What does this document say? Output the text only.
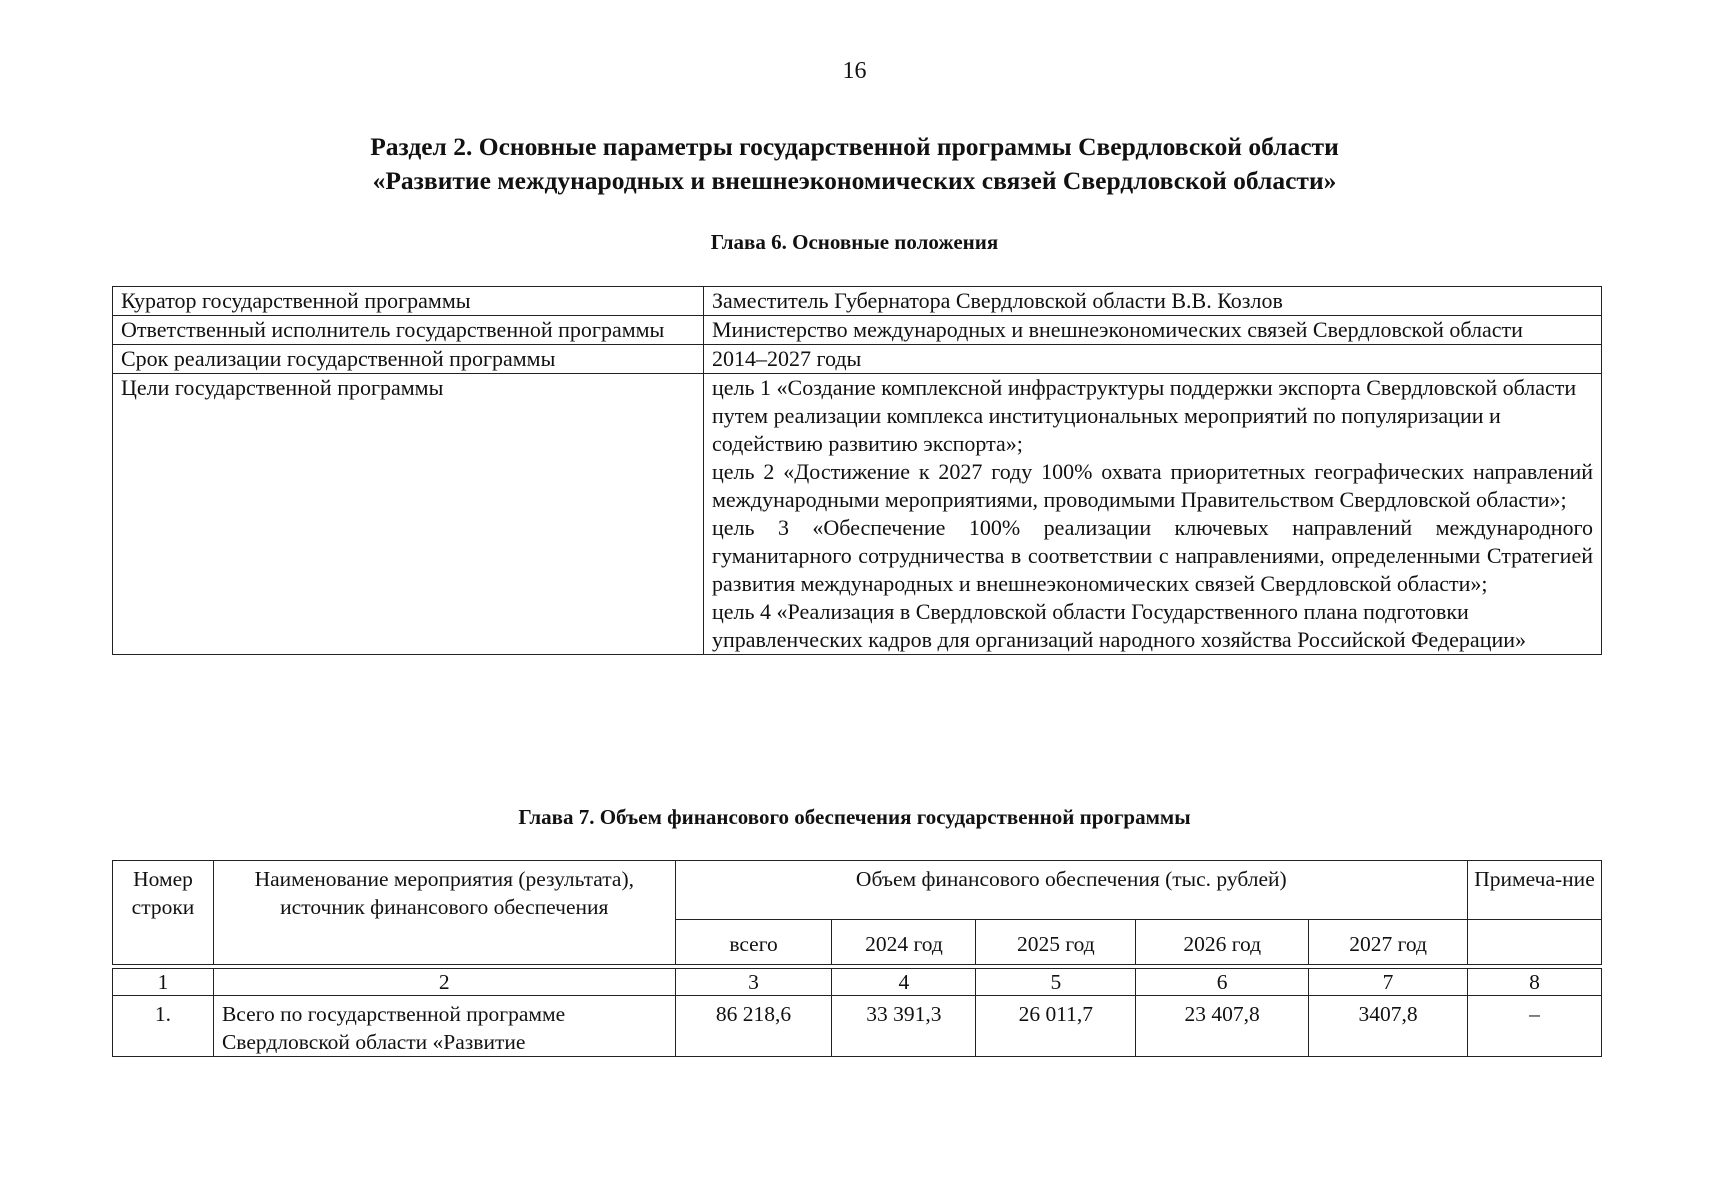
16
Раздел 2. Основные параметры государственной программы Свердловской области
«Развитие международных и внешнеэкономических связей Свердловской области»
Глава 6. Основные положения
Куратор государственной программы	Заместитель Губернатора Свердловской области В.В. Козлов
Ответственный исполнитель государственной программы	Министерство международных и внешнеэкономических связей Свердловской области
Срок реализации государственной программы	2014–2027 годы
Цели государственной программы	цель 1 «Создание комплексной инфраструктуры поддержки экспорта Свердловской области путем реализации комплекса институциональных мероприятий по популяризации и содействию развитию экспорта»;

цель 2 «Достижение к 2027 году 100% охвата приоритетных географических направлений международными мероприятиями, проводимыми Правительством Свердловской области»;

цель 3 «Обеспечение 100% реализации ключевых направлений международного гуманитарного сотрудничества в соответствии с направлениями, определенными Стратегией развития международных и внешнеэкономических связей Свердловской области»;

цель 4 «Реализация в Свердловской области Государственного плана подготовки управленческих кадров для организаций народного хозяйства Российской Федерации»

Глава 7. Объем финансового обеспечения государственной программы
Номер строки	Наименование мероприятия (результата), источник финансового обеспечения	Объем финансового обеспечения (тыс. рублей)					Примеча-ние
		всего	2024 год	2025 год	2026 год	2027 год	

1	2	3	4	5	6	7	8
1.	Всего по государственной программе Свердловской области «Развитие	86 218,6	33 391,3	26 011,7	23 407,8	3407,8	–
